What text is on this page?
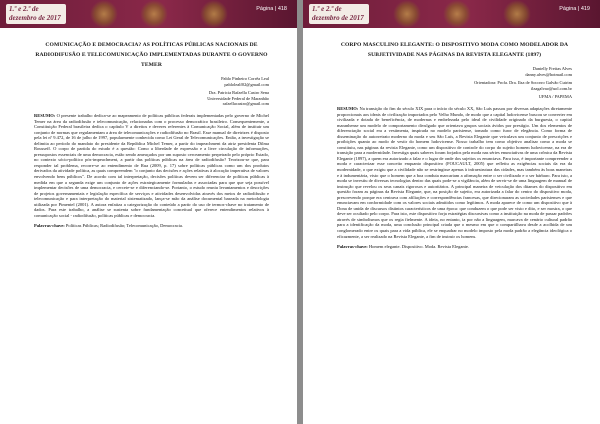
1.º e 2.º de
dezembro de 2017
Página | 418
COMUNICAÇÃO E DEMOCRACIA? AS POLÍTICAS PÚBLICAS NACIONAIS DE RADIODIFUSÃO E TELECOMUNICAÇÃO IMPLEMENTADAS DURANTE O GOVERNO TEMER
Pablo Pinheiro Corrêa Leal
pablolealf02@gmail.com
Dra. Patricia Rafaella Castro Sena
Universidade Federal de Maranhão
rafaellacastro@gmail.com

RESUMO: O presente trabalho dedica-se ao mapeamento de políticas públicas federais implementadas pelo governo de Michel Temer na área da radiodifusão e telecomunicação, relacionadas com o processo democrático brasileiro. Consequentemente, a Constituição Federal brasileira dedica o capítulo V a direitos e deveres referentes à Comunicação Social, além de instituir um conjunto de normas que regulamentam a área de telecomunicações e radiodifusão no Brasil. Esse manual de diretrizes é disposto pela lei nº 9.472, de 16 de julho de 1997, popularmente conhecida como Lei Geral de Telecomunicações. Então, a investigação se delimita ao período do mandato do presidente da República Michel Temer, a partir do impeachment da atriz presidenta Dilma Rousseff. O corpo de partida do estudo é a questão: Como a liberdade de expressão e a livre circulação de informações, pressupostos essenciais de uma democracia, estão sendo ameaçados por um suposto cerceamento perpetrado pelo próprio Estado, no contexto sócio-político pós-impeachment, a partir das políticas públicas na área de radiodifusão? Teorizou-se que, para responder tal problema, recorre-se ao entendimento de Rua (2009, p. 17) sobre políticas públicas como um dos produtos derivados da atividade política, as quais compreendem "o conjunto das decisões e ações relativas à alocação imperativa de valores envolvendo bens públicos". De acordo com tal interpretação, decisões políticas devem ser diferenciar de políticas públicas à medida em que a segunda exige um conjunto de ações estrategicamente formuladas e associadas para que que seja possível implementar decisões de uma democracia, e cerceie-se e diferenciando-se. Portanto, o estudo reuniu levantamentos e descrições de projetos governamentais e legislação específica de serviços e atividades desenvolvidas através dos meios de radiodifusão e telecomunicação e para interpretação do material sistematizado, lança-se mão da análise documental baseada na metodologia utilizada por Pimentel (2001). A autora enfatiza a categorização do conteúdo a partir do uso de termos-chave no tratamento de dados. Para este trabalho, a análise se sustenta sobre fundamentação conceitual que oferece entendimentos relativos à comunicação social - radiodifusão, políticas públicas e democracia.

Palavras-chave: Políticas Públicas; Radiodifusão; Telecomunicação, Democracia.
1.º e 2.º de
dezembro de 2017
Página | 419
CORPO MASCULINO ELEGANTE: O DISPOSITIVO MODA COMO MODELADOR DA SUBJETIVIDADE NAS PÁGINAS DA REVISTA ELEGANTE (1897)
Danielly Freitas Alves
danny.alves@hotmail.com
Orientadora: Profa. Dra. Ilza de Socorro Galvão Cutrim
ilzagalvao@uol.com.br
UFMA / PAPEMA

RESUMO: Na transição do fim do século XIX para o início do século XX, São Luís passou por diversas adaptações diretamente proporcionais aos ideais de civilização importados pelo Velho Mundo, de modo que a capital ludovicense buscou se converter em civilizada e dotada de beneficência, de modernas e embelezada pelo ideal de civilidade originado da burguesia, o capital maranhense um modelo de comportamento divulgado que orientava grupos sociais ávidos por prestígio. Um dos elementos de diferenciação social era a vestimenta, inspirada no modelo parisiense, tomado como furor de elegância. Como forma de disseminação do autorretrato moderno da moda e seu São Luís, a Revista Elegante que veiculava um conjunto de prescrições e proibições quanto ao modo de vestir do homem ludovicense. Nosso trabalho tem como objetivo analisar como a moda se constituiu, nas páginas da revista Elegante, como um dispositivo de controle do corpo do sujeito homem ludovicense, na era de transição para a modernidade. Investiga quais saberes foram forjados pela moda nas séries enunciativas de uma crônica da Revista Elegante (1897), a quem era autorizado a falar e o lugar de onde dos sujeitos os enunciava. Para isso, é importante compreender a moda e caracterizar esse conceito enquanto dispositivo (FOUCAULT, 2005) que refletiu as exigências sociais da era da modernidade, o que exigiu que a civilidade não se restringisse apenas à infraestrutura das cidades, mas também às boas maneiras e à indumentária, visto que o homem que a boa conduta marcariam a afirmação entre o ser civilizado e o ser bárbaro. Para isto, a moda se investiu de diversas tecnologias dentro das quais pode-se a vigilância, além de servir-se de uma linguagem de manual de instrução que revelou os seus canais rigorosos e autoritários. A principal maneira de veiculação dos ditames do dispositivo em questão foram as páginas da Revista Elegante, que, na posição de sujeito, era autorizada a falar do centro do dispositivo moda, prescrevendo porque era centrava com afiliações e correspondências francesas, que direcionaram as sociedades parisienses e que enunciavam em conformidade com os valores sociais admitidos como legítimos. A moda aparece de como um dispositivo que à Dona de unida de discursos distintos característicos de uma época: que conduzem o que pode ser visto e dito, e ser mostra, o que deve ser ocultado pelo corpo. Para isto, este dispositivo forja estratégias discursivas como a instituição na moda de passar padrões através de simbolismos que os regia fielmente. A ideia, no entanto, ia por não a linguagem, marcava de cenário cultural padrão para a identificação da moda, uma conclusão principal criada que o mesmo em que o compartilhava desde a acolhida de um conglomerado entre os quais para a vida pública, ele se enquadrar no modelo imposto pela moda padrão a elegância ideológica o eficazmente, a ser realizado na Revista Elegante, a fim de instruir os homens.

Palavras-chave: Homem elegante. Dispositivo. Moda. Revista Elegante.
